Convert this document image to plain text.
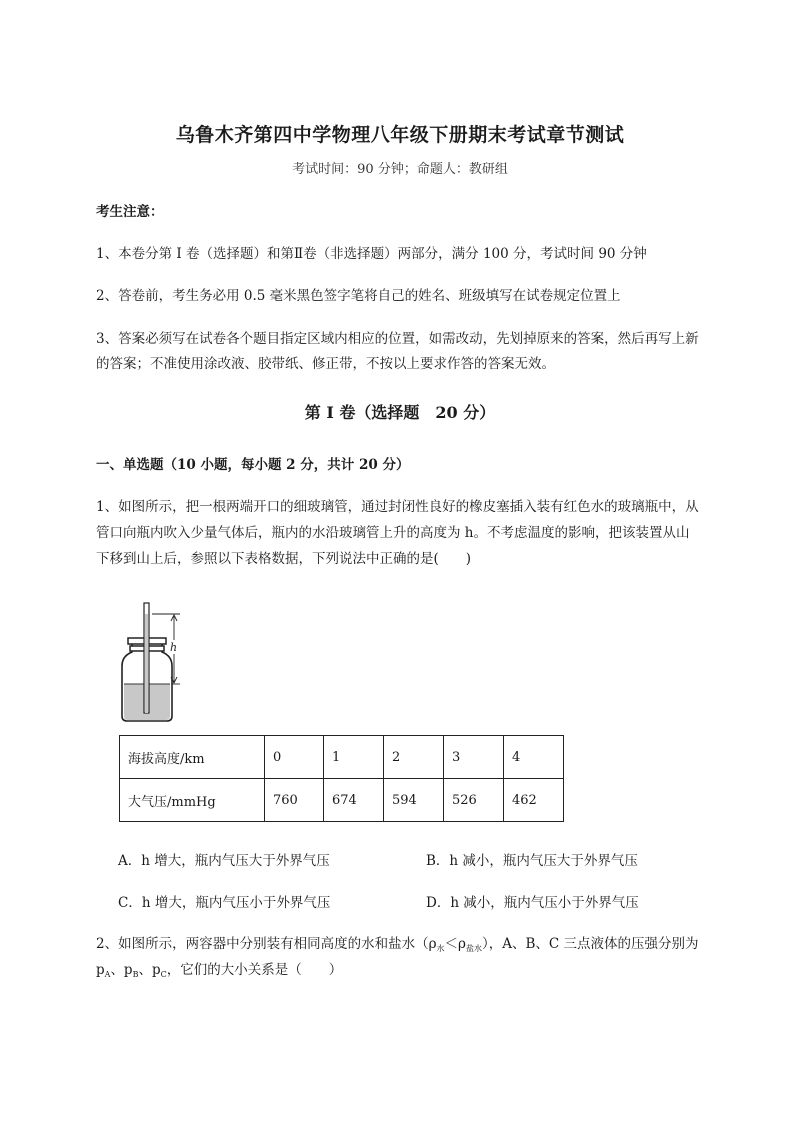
乌鲁木齐第四中学物理八年级下册期末考试章节测试
考试时间：90 分钟；命题人：教研组
考生注意：
1、本卷分第 I 卷（选择题）和第Ⅱ卷（非选择题）两部分，满分 100 分，考试时间 90 分钟
2、答卷前，考生务必用 0.5 毫米黑色签字笔将自己的姓名、班级填写在试卷规定位置上
3、答案必须写在试卷各个题目指定区域内相应的位置，如需改动，先划掉原来的答案，然后再写上新
的答案；不准使用涂改液、胶带纸、修正带，不按以上要求作答的答案无效。
第 I 卷（选择题　20 分）
一、单选题（10 小题，每小题 2 分，共计 20 分）
1、如图所示，把一根两端开口的细玻璃管，通过封闭性良好的橡皮塞插入装有红色水的玻璃瓶中，从
管口向瓶内吹入少量气体后，瓶内的水沿玻璃管上升的高度为 h。不考虑温度的影响，把该装置从山
下移到山上后，参照以下表格数据，下列说法中正确的是(　　)
h
海拔高度/km	0	1	2	3	4
大气压/mmHg	760	674	594	526	462
A．h 增大，瓶内气压大于外界气压	B．h 减小，瓶内气压大于外界气压
C．h 增大，瓶内气压小于外界气压	D．h 减小，瓶内气压小于外界气压
2、如图所示，两容器中分别装有相同高度的水和盐水$(\rho_水<\rho_{盐水})$，A、B、C 三点液体的压强分别为
$p_A$、$p_B$、$p_C$，它们的大小关系是（　　）
